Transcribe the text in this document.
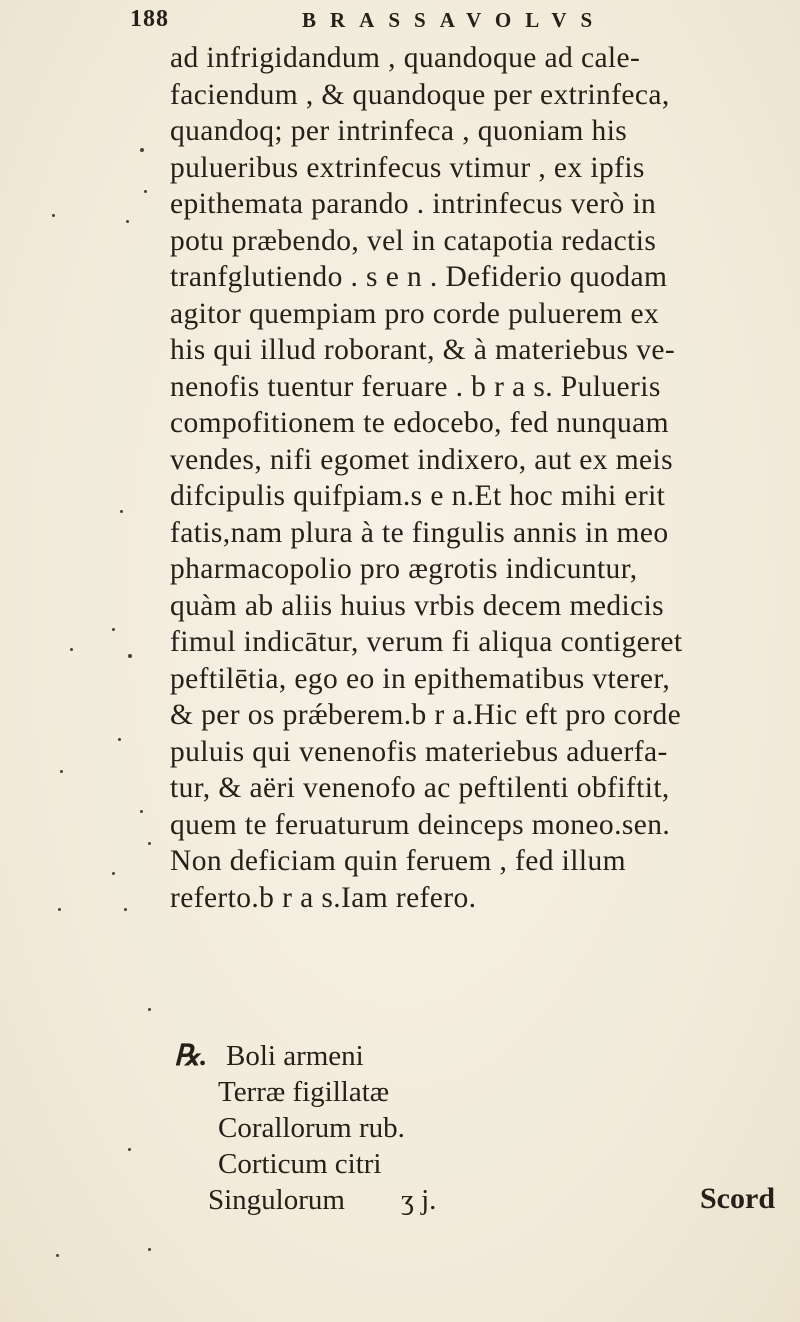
188	BRASSAVOLVS
ad infrigidandum , quandoque ad cale-
faciendum , & quandoque per extrinfeca,
quandoq; per intrinfeca , quoniam his
pulueribus extrinfecus vtimur , ex ipfis
epithemata parando . intrinfecus verò in
potu præbendo, vel in catapotia redactis
tranfglutiendo . s e n . Defiderio quodam
agitor quempiam pro corde puluerem ex
his qui illud roborant, & à materiebus ve-
nenofis tuentur feruare . b r a s. Pulueris
compofitionem te edocebo, fed nunquam
vendes, nifi egomet indixero, aut ex meis
difcipulis quifpiam.s e n.Et hoc mihi erit
fatis,nam plura à te fingulis annis in meo
pharmacopolio pro ægrotis indicuntur,
quàm ab aliis huius vrbis decem medicis
fimul indicātur, verum fi aliqua contigeret
peftilētia, ego eo in epithematibus vterer,
& per os prǽberem.b r a.Hic eft pro corde
puluis qui venenofis materiebus aduerfa-
tur, & aëri venenofo ac peftilenti obfiftit,
quem te feruaturum deinceps moneo.sen.
Non deficiam quin feruem , fed illum
referto.b r a s.Iam refero.
℞. Boli armeni
Terræ figillatæ
Corallorum rub.
Corticum citri
Singulorum ʒ j.	Scord
